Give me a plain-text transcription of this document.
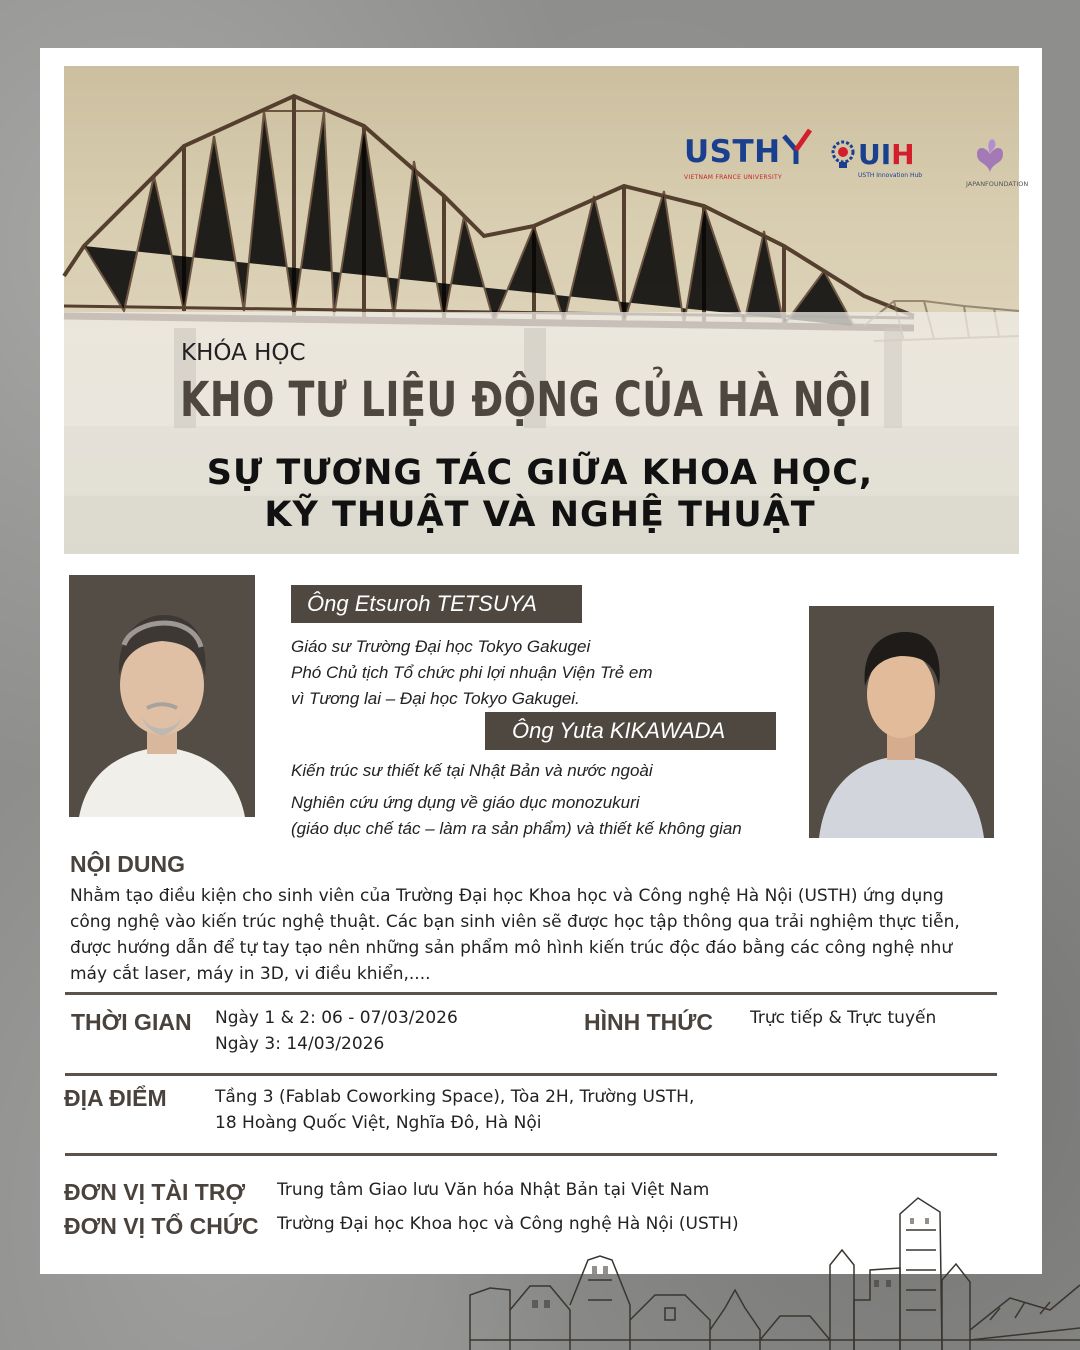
USTH
VIETNAM FRANCE UNIVERSITY
UIH
USTH Innovation Hub
JAPANFOUNDATION
KHÓA HỌC
KHO TƯ LIỆU ĐỘNG CỦA HÀ NỘI
SỰ TƯƠNG TÁC GIỮA KHOA HỌC,
KỸ THUẬT VÀ NGHỆ THUẬT
Ông Etsuroh TETSUYA
Giáo sư Trường Đại học Tokyo Gakugei
Phó Chủ tịch Tổ chức phi lợi nhuận Viện Trẻ em
vì Tương lai – Đại học Tokyo Gakugei.
Ông Yuta KIKAWADA
Kiến trúc sư thiết kế tại Nhật Bản và nước ngoài
Nghiên cứu ứng dụng về giáo dục monozukuri
(giáo dục chế tác – làm ra sản phẩm) và thiết kế không gian
NỘI DUNG
Nhằm tạo điều kiện cho sinh viên của Trường Đại học Khoa học và Công nghệ Hà Nội (USTH) ứng dụng
công nghệ vào kiến trúc nghệ thuật. Các bạn sinh viên sẽ được học tập thông qua trải nghiệm thực tiễn,
được hướng dẫn để tự tay tạo nên những sản phẩm mô hình kiến trúc độc đáo bằng các công nghệ như
máy cắt laser, máy in 3D, vi điều khiển,....
THỜI GIAN Ngày 1 & 2: 06 - 07/03/2026
Ngày 3: 14/03/2026
HÌNH THỨC Trực tiếp & Trực tuyến
ĐỊA ĐIỂM	Tầng 3 (Fablab Coworking Space), Tòa 2H, Trường USTH,
18 Hoàng Quốc Việt, Nghĩa Đô, Hà Nội
ĐƠN VỊ TÀI TRỢ Trung tâm Giao lưu Văn hóa Nhật Bản tại Việt Nam
ĐƠN VỊ TỔ CHỨC Trường Đại học Khoa học và Công nghệ Hà Nội (USTH)
